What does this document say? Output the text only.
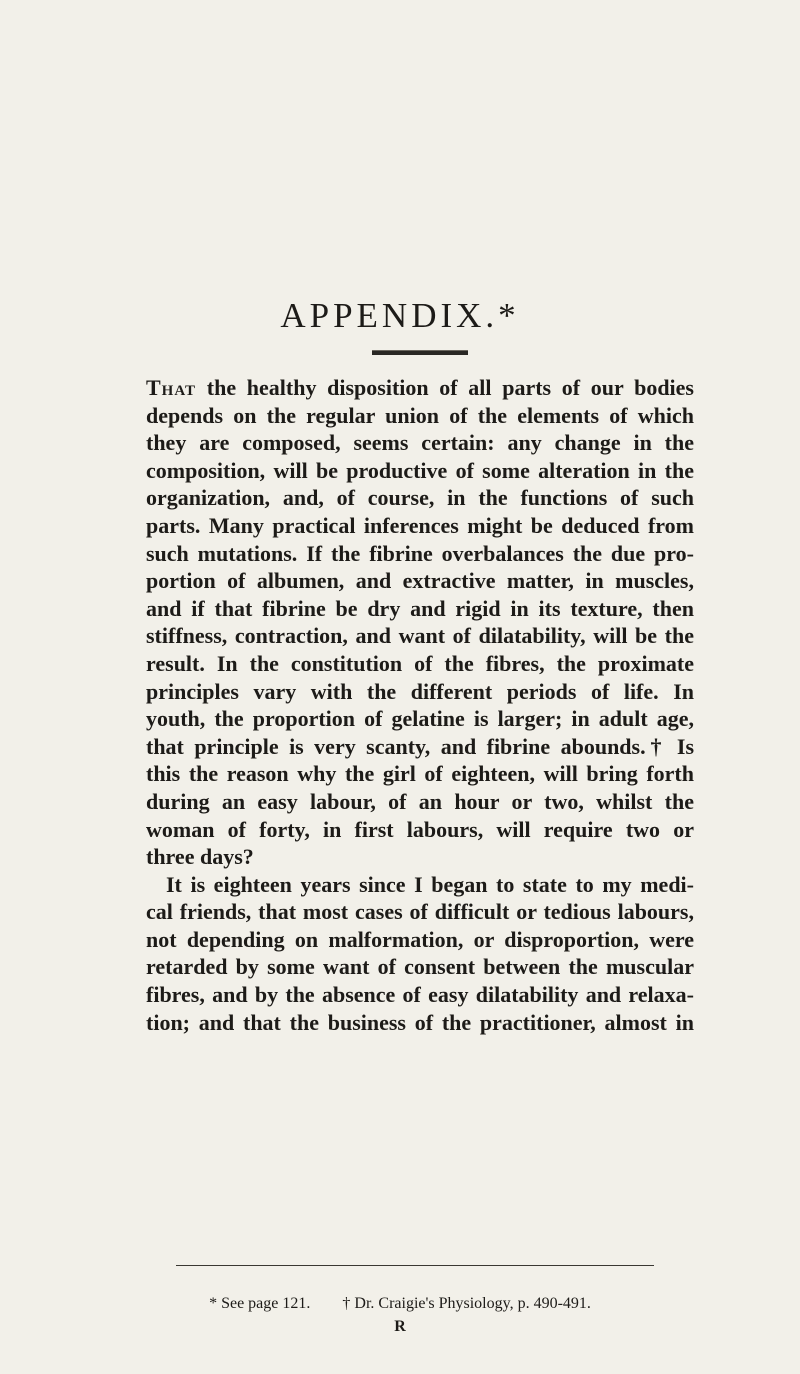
APPENDIX.*
That the healthy disposition of all parts of our bodies
depends on the regular union of the elements of which
they are composed, seems certain: any change in the
composition, will be productive of some alteration in the
organization, and, of course, in the functions of such
parts. Many practical inferences might be deduced from
such mutations. If the fibrine overbalances the due pro-
portion of albumen, and extractive matter, in muscles,
and if that fibrine be dry and rigid in its texture, then
stiffness, contraction, and want of dilatability, will be the
result. In the constitution of the fibres, the proximate
principles vary with the different periods of life. In
youth, the proportion of gelatine is larger; in adult age,
that principle is very scanty, and fibrine abounds.† Is
this the reason why the girl of eighteen, will bring forth
during an easy labour, of an hour or two, whilst the
woman of forty, in first labours, will require two or
three days?
It is eighteen years since I began to state to my medi-
cal friends, that most cases of difficult or tedious labours,
not depending on malformation, or disproportion, were
retarded by some want of consent between the muscular
fibres, and by the absence of easy dilatability and relaxa-
tion; and that the business of the practitioner, almost in
* See page 121. † Dr. Craigie's Physiology, p. 490-491.
R
